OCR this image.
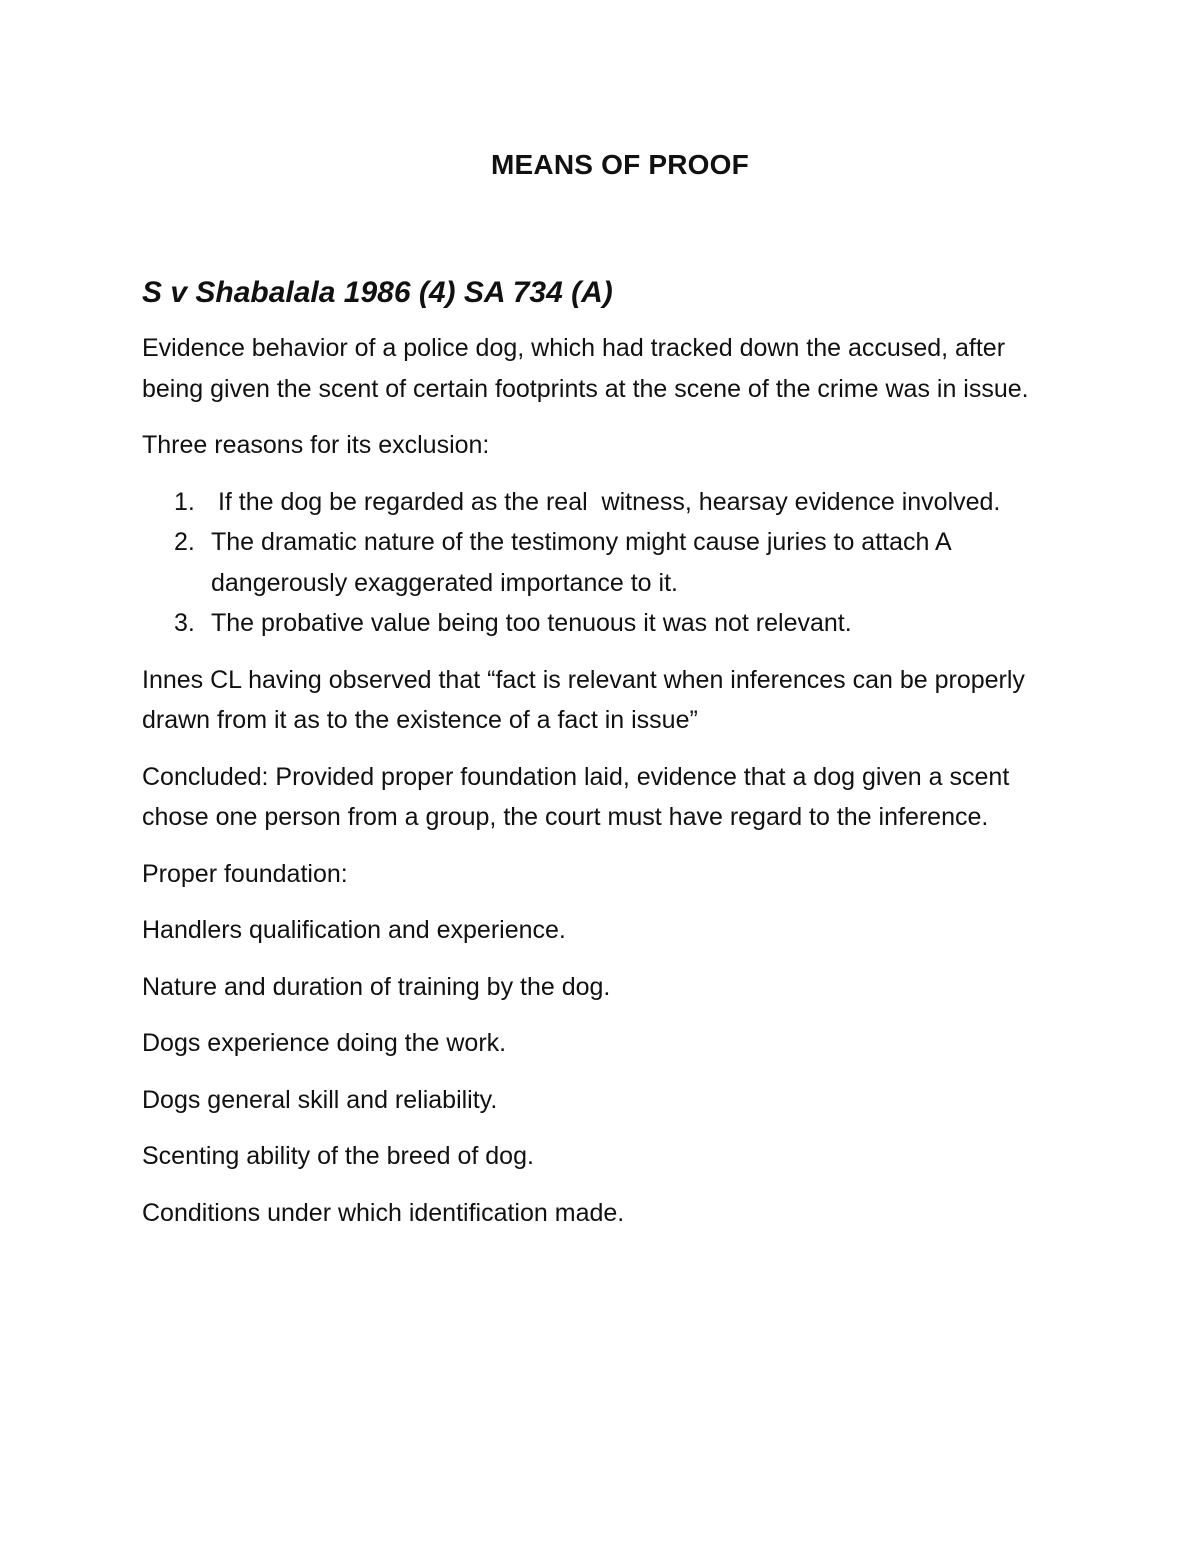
MEANS OF PROOF
S v Shabalala 1986 (4) SA 734 (A)

Evidence behavior of a police dog, which had tracked down the accused, after being given the scent of certain footprints at the scene of the crime was in issue.

Three reasons for its exclusion:

1. If the dog be regarded as the real  witness, hearsay evidence involved.
2. The dramatic nature of the testimony might cause juries to attach A dangerously exaggerated importance to it.
3. The probative value being too tenuous it was not relevant.

Innes CL having observed that “fact is relevant when inferences can be properly drawn from it as to the existence of a fact in issue”

Concluded: Provided proper foundation laid, evidence that a dog given a scent chose one person from a group, the court must have regard to the inference.

Proper foundation:

Handlers qualification and experience.

Nature and duration of training by the dog.

Dogs experience doing the work.

Dogs general skill and reliability.

Scenting ability of the breed of dog.

Conditions under which identification made.
